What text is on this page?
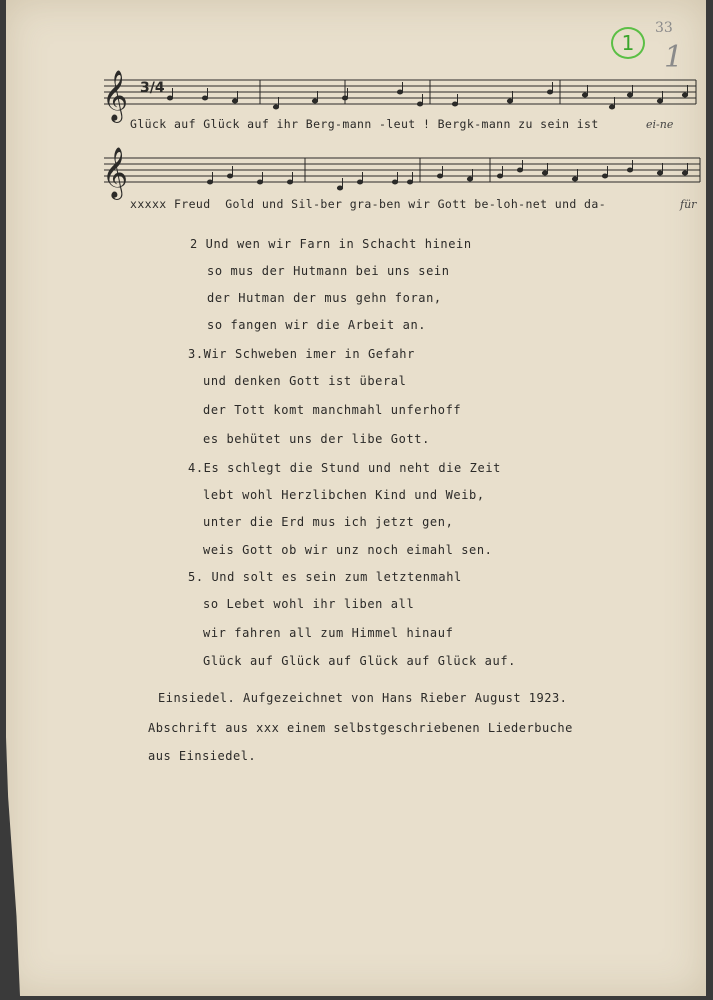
1
33
1
𝄞
𝄞
3/4
Glück auf Glück auf ihr Berg-mann -leut ! Bergk-mann zu sein ist	ei-ne
xxxxx Freud  Gold und Sil-ber gra-ben wir Gott be-loh-net und da-	für
2 Und wen wir Farn in Schacht hinein
so mus der Hutmann bei uns sein
der Hutman der mus gehn foran,
so fangen wir die Arbeit an.
3.Wir Schweben imer in Gefahr
und denken Gott ist überal
der Tott komt manchmahl unferhoff
es behütet uns der libe Gott.
4.Es schlegt die Stund und neht die Zeit
lebt wohl Herzlibchen Kind und Weib,
unter die Erd mus ich jetzt gen,
weis Gott ob wir unz noch eimahl sen.
5. Und solt es sein zum letztenmahl
so Lebet wohl ihr liben all
wir fahren all zum Himmel hinauf
Glück auf Glück auf Glück auf Glück auf.
Einsiedel. Aufgezeichnet von Hans Rieber August 1923.
Abschrift aus xxx einem selbstgeschriebenen Liederbuche
aus Einsiedel.
